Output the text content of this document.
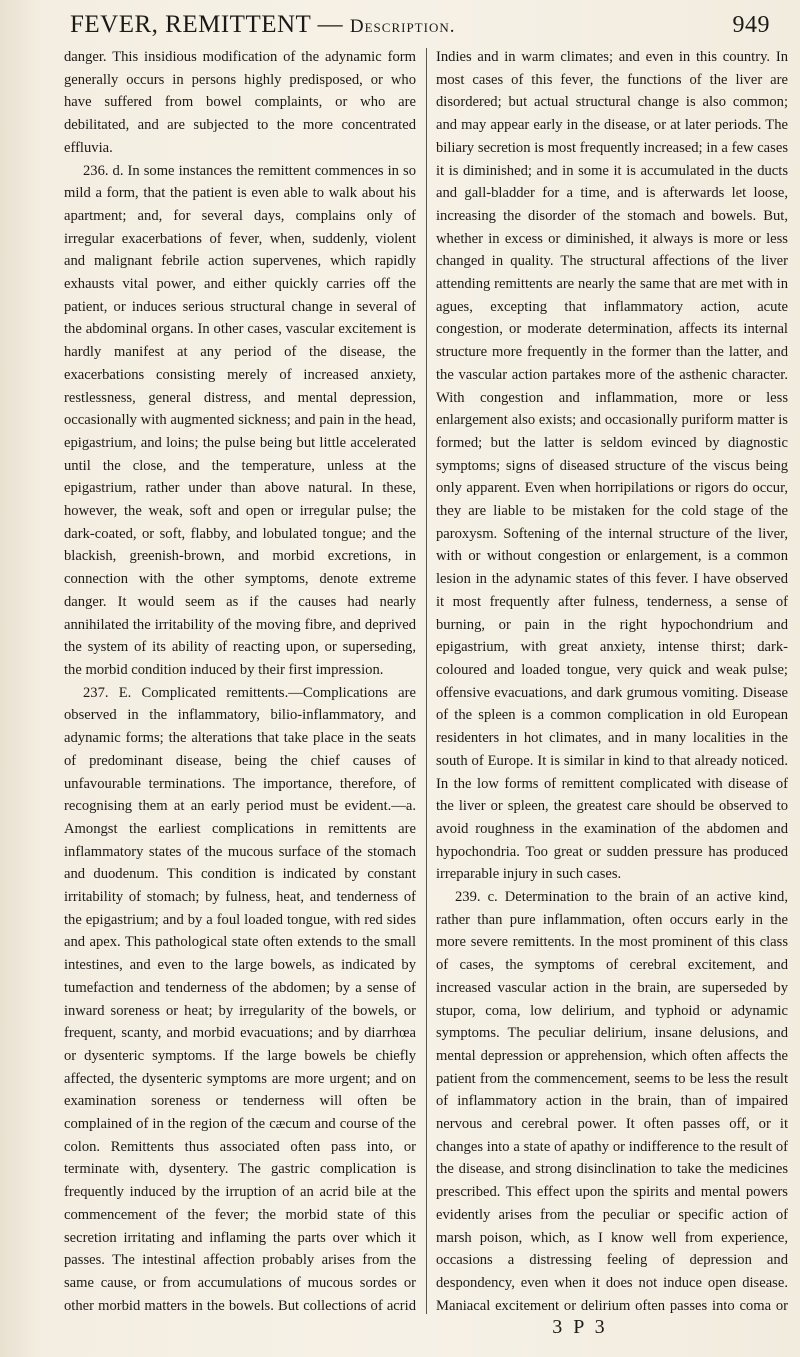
FEVER, REMITTENT — Description.	949

danger. This insidious modification of the adynamic form generally occurs in persons highly predisposed, or who have suffered from bowel complaints, or who are debilitated, and are subjected to the more concentrated effluvia.

236. d. In some instances the remittent commences in so mild a form, that the patient is even able to walk about his apartment; and, for several days, complains only of irregular exacerbations of fever, when, suddenly, violent and malignant febrile action supervenes, which rapidly exhausts vital power, and either quickly carries off the patient, or induces serious structural change in several of the abdominal organs. In other cases, vascular excitement is hardly manifest at any period of the disease, the exacerbations consisting merely of increased anxiety, restlessness, general distress, and mental depression, occasionally with augmented sickness; and pain in the head, epigastrium, and loins; the pulse being but little accelerated until the close, and the temperature, unless at the epigastrium, rather under than above natural. In these, however, the weak, soft and open or irregular pulse; the dark-coated, or soft, flabby, and lobulated tongue; and the blackish, greenish-brown, and morbid excretions, in connection with the other symptoms, denote extreme danger. It would seem as if the causes had nearly annihilated the irritability of the moving fibre, and deprived the system of its ability of reacting upon, or superseding, the morbid condition induced by their first impression.

237. E. Complicated remittents.—Complications are observed in the inflammatory, bilio-inflammatory, and adynamic forms; the alterations that take place in the seats of predominant disease, being the chief causes of unfavourable terminations. The importance, therefore, of recognising them at an early period must be evident.—a. Amongst the earliest complications in remittents are inflammatory states of the mucous surface of the stomach and duodenum. This condition is indicated by constant irritability of stomach; by fulness, heat, and tenderness of the epigastrium; and by a foul loaded tongue, with red sides and apex. This pathological state often extends to the small intestines, and even to the large bowels, as indicated by tumefaction and tenderness of the abdomen; by a sense of inward soreness or heat; by irregularity of the bowels, or frequent, scanty, and morbid evacuations; and by diarrhœa or dysenteric symptoms. If the large bowels be chiefly affected, the dysenteric symptoms are more urgent; and on examination soreness or tenderness will often be complained of in the region of the cæcum and course of the colon. Remittents thus associated often pass into, or terminate with, dysentery. The gastric complication is frequently induced by the irruption of an acrid bile at the commencement of the fever; the morbid state of this secretion irritating and inflaming the parts over which it passes. The intestinal affection probably arises from the same cause, or from accumulations of mucous sordes or other morbid matters in the bowels. But collections of acrid

Indies and in warm climates; and even in this country. In most cases of this fever, the functions of the liver are disordered; but actual structural change is also common; and may appear early in the disease, or at later periods. The biliary secretion is most frequently increased; in a few cases it is diminished; and in some it is accumulated in the ducts and gall-bladder for a time, and is afterwards let loose, increasing the disorder of the stomach and bowels. But, whether in excess or diminished, it always is more or less changed in quality. The structural affections of the liver attending remittents are nearly the same that are met with in agues, excepting that inflammatory action, acute congestion, or moderate determination, affects its internal structure more frequently in the former than the latter, and the vascular action partakes more of the asthenic character. With congestion and inflammation, more or less enlargement also exists; and occasionally puriform matter is formed; but the latter is seldom evinced by diagnostic symptoms; signs of diseased structure of the viscus being only apparent. Even when horripilations or rigors do occur, they are liable to be mistaken for the cold stage of the paroxysm. Softening of the internal structure of the liver, with or without congestion or enlargement, is a common lesion in the adynamic states of this fever. I have observed it most frequently after fulness, tenderness, a sense of burning, or pain in the right hypochondrium and epigastrium, with great anxiety, intense thirst; dark-coloured and loaded tongue, very quick and weak pulse; offensive evacuations, and dark grumous vomiting. Disease of the spleen is a common complication in old European residenters in hot climates, and in many localities in the south of Europe. It is similar in kind to that already noticed. In the low forms of remittent complicated with disease of the liver or spleen, the greatest care should be observed to avoid roughness in the examination of the abdomen and hypochondria. Too great or sudden pressure has produced irreparable injury in such cases.

239. c. Determination to the brain of an active kind, rather than pure inflammation, often occurs early in the more severe remittents. In the most prominent of this class of cases, the symptoms of cerebral excitement, and increased vascular action in the brain, are superseded by stupor, coma, low delirium, and typhoid or adynamic symptoms. The peculiar delirium, insane delusions, and mental depression or apprehension, which often affects the patient from the commencement, seems to be less the result of inflammatory action in the brain, than of impaired nervous and cerebral power. It often passes off, or it changes into a state of apathy or indifference to the result of the disease, and strong disinclination to take the medicines prescribed. This effect upon the spirits and mental powers evidently arises from the peculiar or specific action of marsh poison, which, as I know well from experience, occasions a distressing feeling of depression and despondency, even when it does not induce open disease. Maniacal excitement or delirium often passes into coma or

3 P 3
